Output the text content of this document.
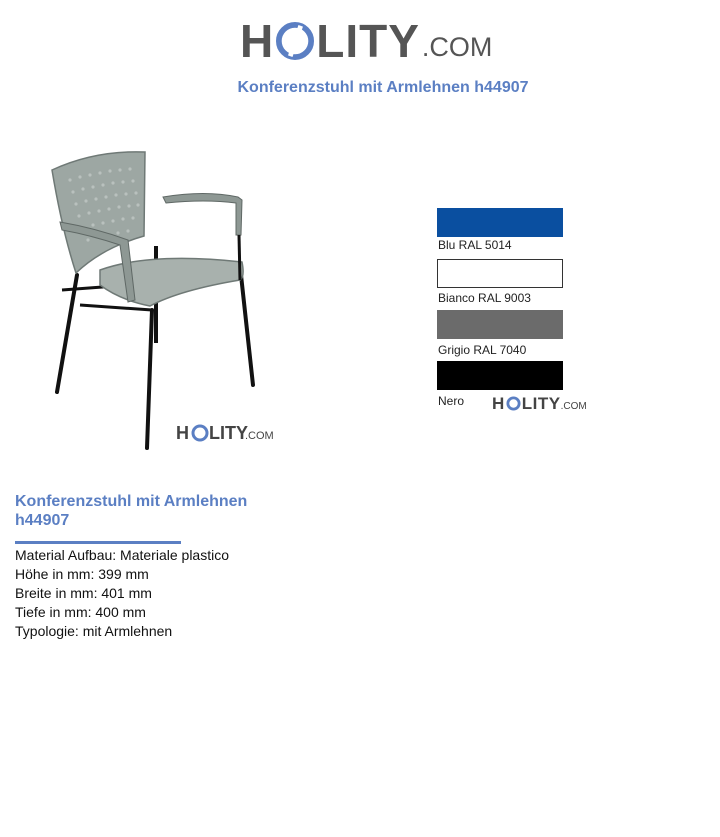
H LITY .COM
Konferenzstuhl mit Armlehnen h44907
H LITY
.COM
Blu RAL 5014
Bianco RAL 9003
Grigio RAL 7040
Nero H LITY .COM
Konferenzstuhl mit Armlehnen h44907
Material Aufbau: Materiale plastico
Höhe in mm: 399 mm
Breite in mm: 401 mm
Tiefe in mm: 400 mm
Typologie: mit Armlehnen
